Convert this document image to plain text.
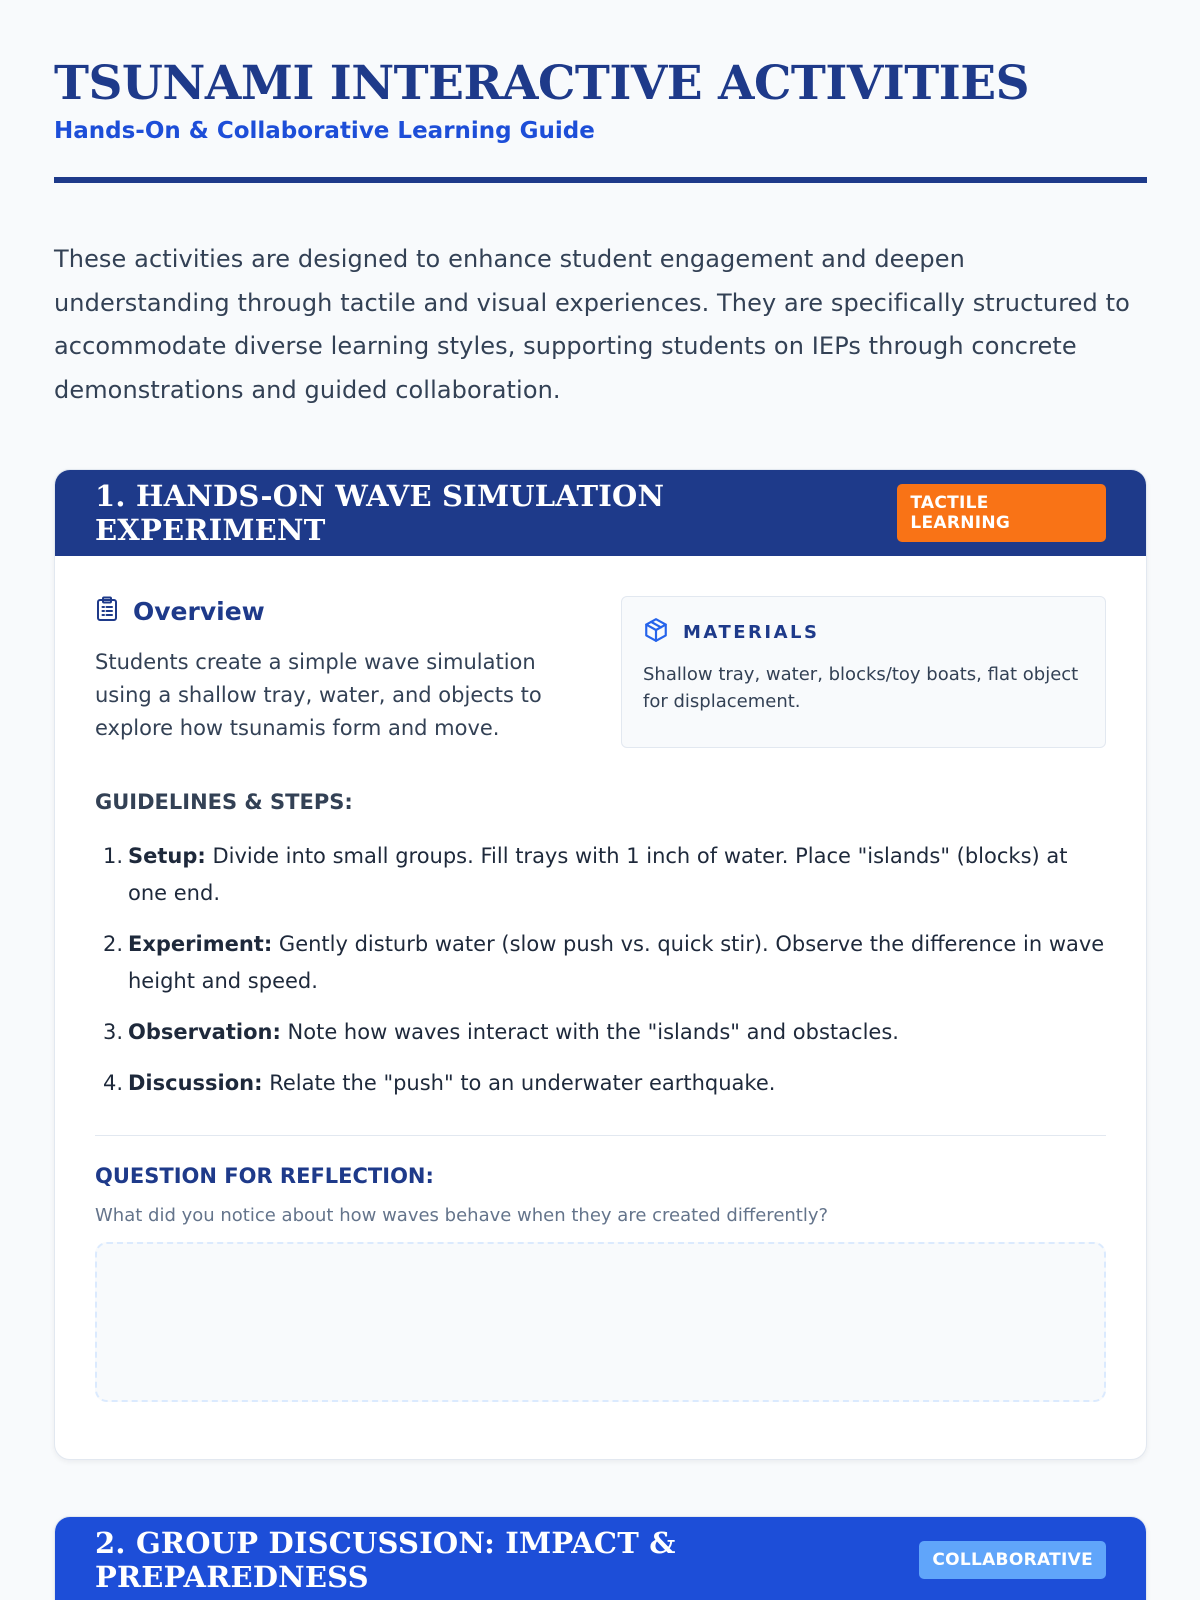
TSUNAMI INTERACTIVE ACTIVITIES
Hands-On & Collaborative Learning Guide

These activities are designed to enhance student engagement and deepen understanding through tactile and visual experiences. They are specifically structured to accommodate diverse learning styles, supporting students on IEPs through concrete demonstrations and guided collaboration.

1. HANDS-ON WAVE SIMULATION EXPERIMENT
TACTILE LEARNING
Overview

Students create a simple wave simulation using a shallow tray, water, and objects to explore how tsunamis form and move.

MATERIALS

Shallow tray, water, blocks/toy boats, flat object for displacement.

GUIDELINES & STEPS:
1. Setup: Divide into small groups. Fill trays with 1 inch of water. Place "islands" (blocks) at one end.
2. Experiment: Gently disturb water (slow push vs. quick stir). Observe the difference in wave height and speed.
3. Observation: Note how waves interact with the "islands" and obstacles.
4. Discussion: Relate the "push" to an underwater earthquake.
QUESTION FOR REFLECTION:

What did you notice about how waves behave when they are created differently?

2. GROUP DISCUSSION: IMPACT & PREPAREDNESS	COLLABORATIVE
